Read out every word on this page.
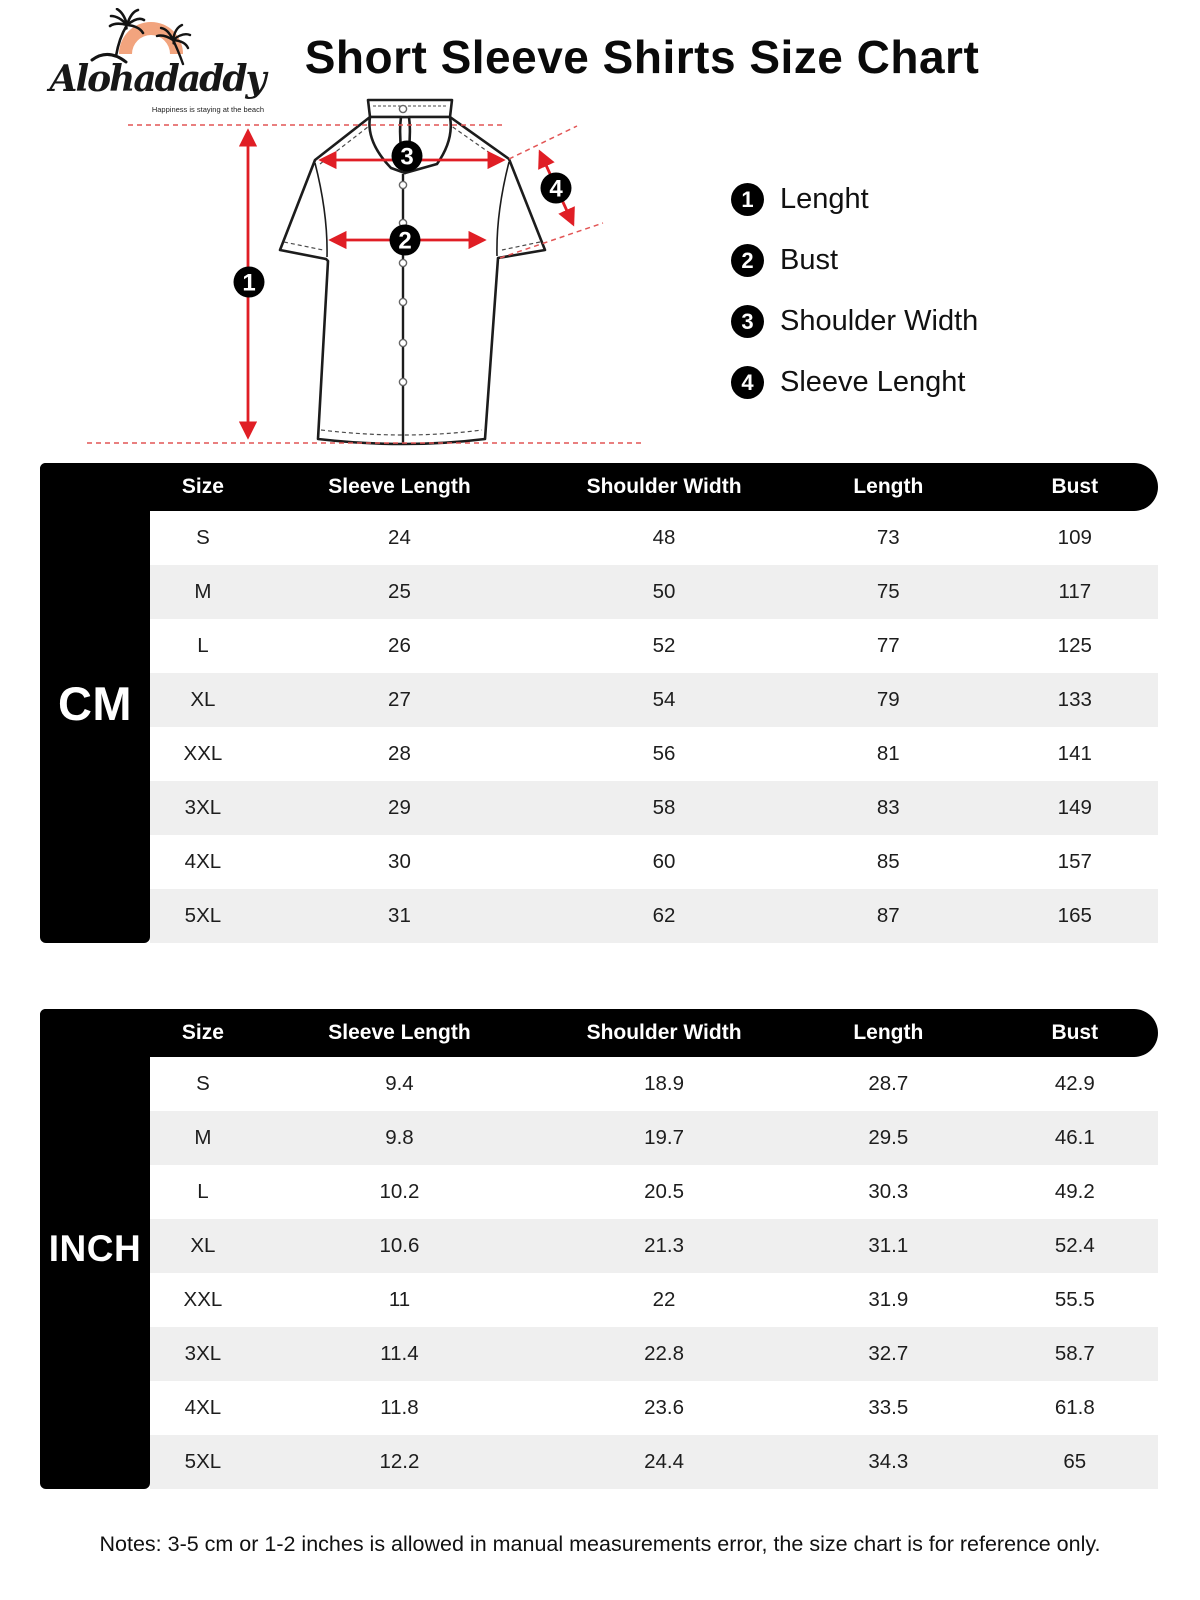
Alohadaddy
Happiness is staying at the beach
Short Sleeve Shirts Size Chart
1
2
3
4	1 Lenght
2 Bust
3 Shoulder Width
4 Sleeve Lenght
CM
Size	Sleeve Length	Shoulder Width	Length	Bust
S	24	48	73	109
M	25	50	75	117
L	26	52	77	125
XL	27	54	79	133
XXL	28	56	81	141
3XL	29	58	83	149
4XL	30	60	85	157
5XL	31	62	87	165
INCH
Size	Sleeve Length	Shoulder Width	Length	Bust
S	9.4	18.9	28.7	42.9
M	9.8	19.7	29.5	46.1
L	10.2	20.5	30.3	49.2
XL	10.6	21.3	31.1	52.4
XXL	11	22	31.9	55.5
3XL	11.4	22.8	32.7	58.7
4XL	11.8	23.6	33.5	61.8
5XL	12.2	24.4	34.3	65

Notes: 3-5 cm or 1-2 inches is allowed in manual measurements error, the size chart is for reference only.
